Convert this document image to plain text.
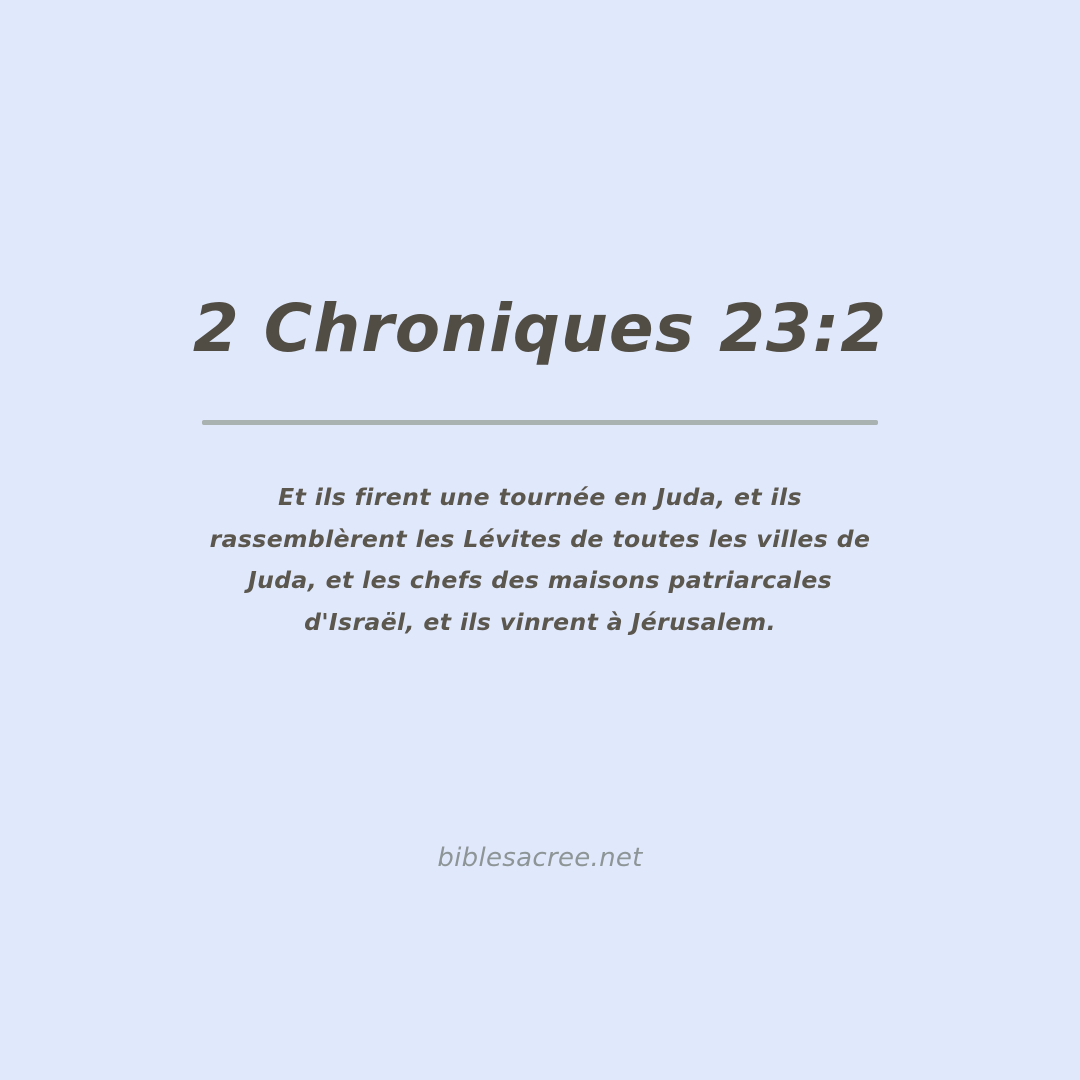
2 Chroniques 23:2
Et ils firent une tournée en Juda, et ils rassemblèrent les Lévites de toutes les villes de Juda, et les chefs des maisons patriarcales d'Israël, et ils vinrent à Jérusalem.
biblesacree.net
